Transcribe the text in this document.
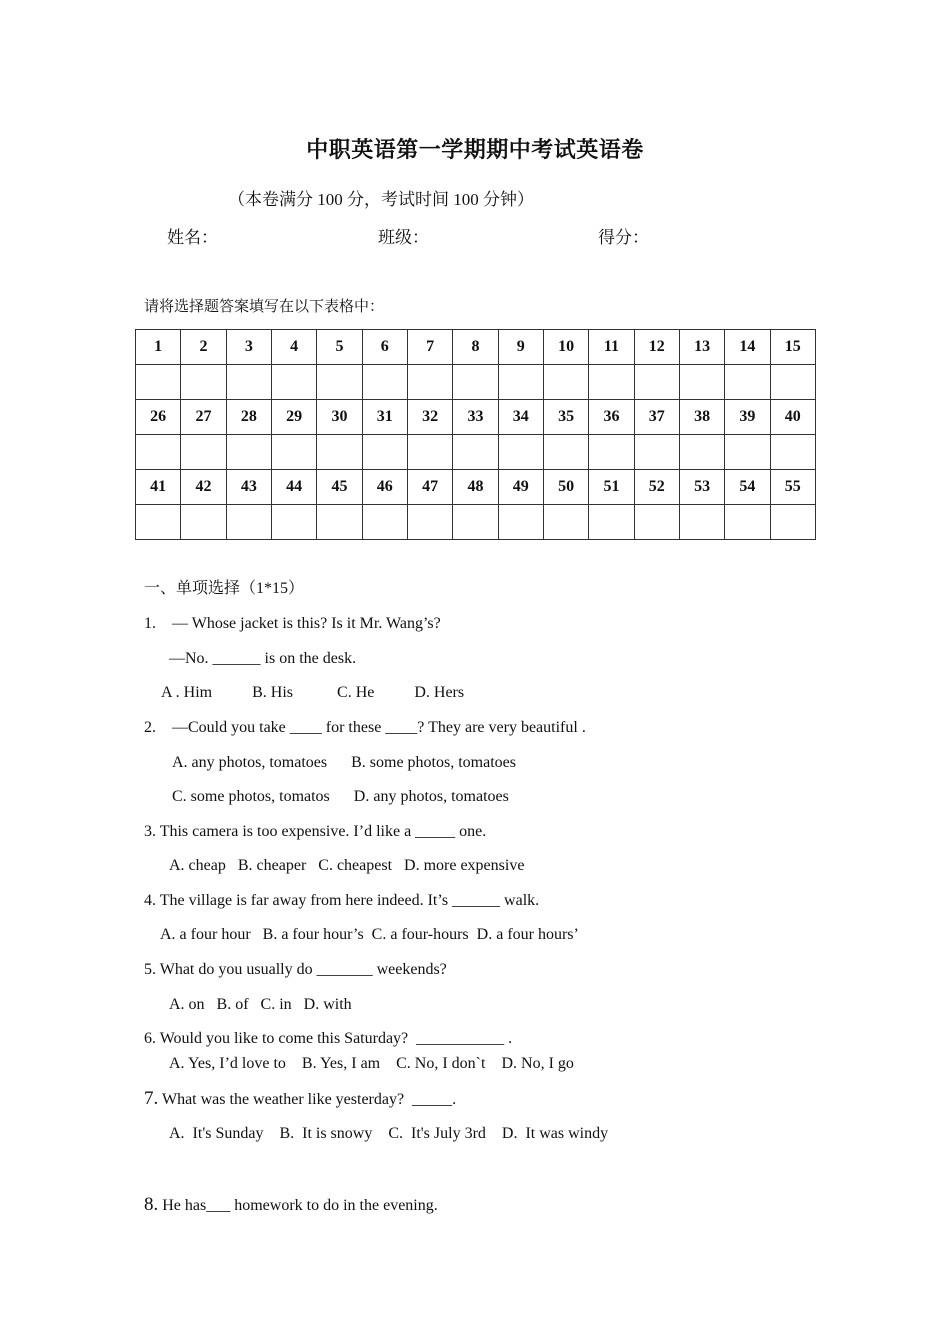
中职英语第一学期期中考试英语卷
（本卷满分 100 分，考试时间 100 分钟）
姓名：	班级：	得分：
请将选择题答案填写在以下表格中：
1	2	3	4	5	6	7	8	9	10	11	12	13	14	15

26	27	28	29	30	31	32	33	34	35	36	37	38	39	40

41	42	43	44	45	46	47	48	49	50	51	52	53	54	55

一、单项选择（1*15）
1.    — Whose jacket is this? Is it Mr. Wang’s?
—No. ______ is on the desk.
A . Him          B. His           C. He          D. Hers
2.    —Could you take ____ for these ____? They are very beautiful .
A. any photos, tomatoes      B. some photos, tomatoes
C. some photos, tomatos      D. any photos, tomatoes
3. This camera is too expensive. I’d like a _____ one.
A. cheap   B. cheaper   C. cheapest   D. more expensive
4. The village is far away from here indeed. It’s ______ walk.
A. a four hour   B. a four hour’s  C. a four-hours  D. a four hours’
5. What do you usually do _______ weekends?
A. on   B. of   C. in   D. with
6. Would you like to come this Saturday?  ___________ .
A. Yes, I’d love to    B. Yes, I am    C. No, I don`t    D. No, I go
7. What was the weather like yesterday?  _____.
A.  It's Sunday    B.  It is snowy    C.  It's July 3rd    D.  It was windy
8. He has___ homework to do in the evening.
